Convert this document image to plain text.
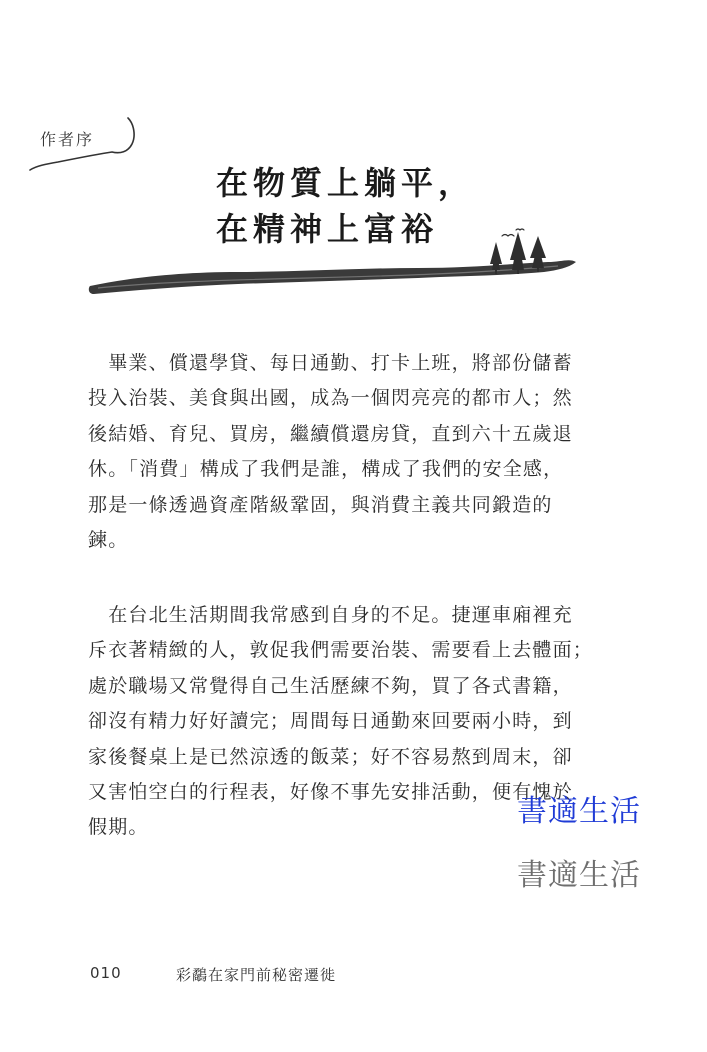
作者序
在物質上躺平，
在精神上富裕
　畢業、償還學貸、每日通勤、打卡上班，將部份儲蓄
投入治裝、美食與出國，成為一個閃亮亮的都市人；然
後結婚、育兒、買房，繼續償還房貸，直到六十五歲退
休。「消費」構成了我們是誰，構成了我們的安全感，
那是一條透過資產階級鞏固，與消費主義共同鍛造的
鍊。
　在台北生活期間我常感到自身的不足。捷運車廂裡充
斥衣著精緻的人，敦促我們需要治裝、需要看上去體面；
處於職場又常覺得自己生活歷練不夠，買了各式書籍，
卻沒有精力好好讀完；周間每日通勤來回要兩小時，到
家後餐桌上是已然涼透的飯菜；好不容易熬到周末，卻
又害怕空白的行程表，好像不事先安排活動，便有愧於
假期。	書適生活
書適生活
010	彩鷸在家門前秘密遷徙
